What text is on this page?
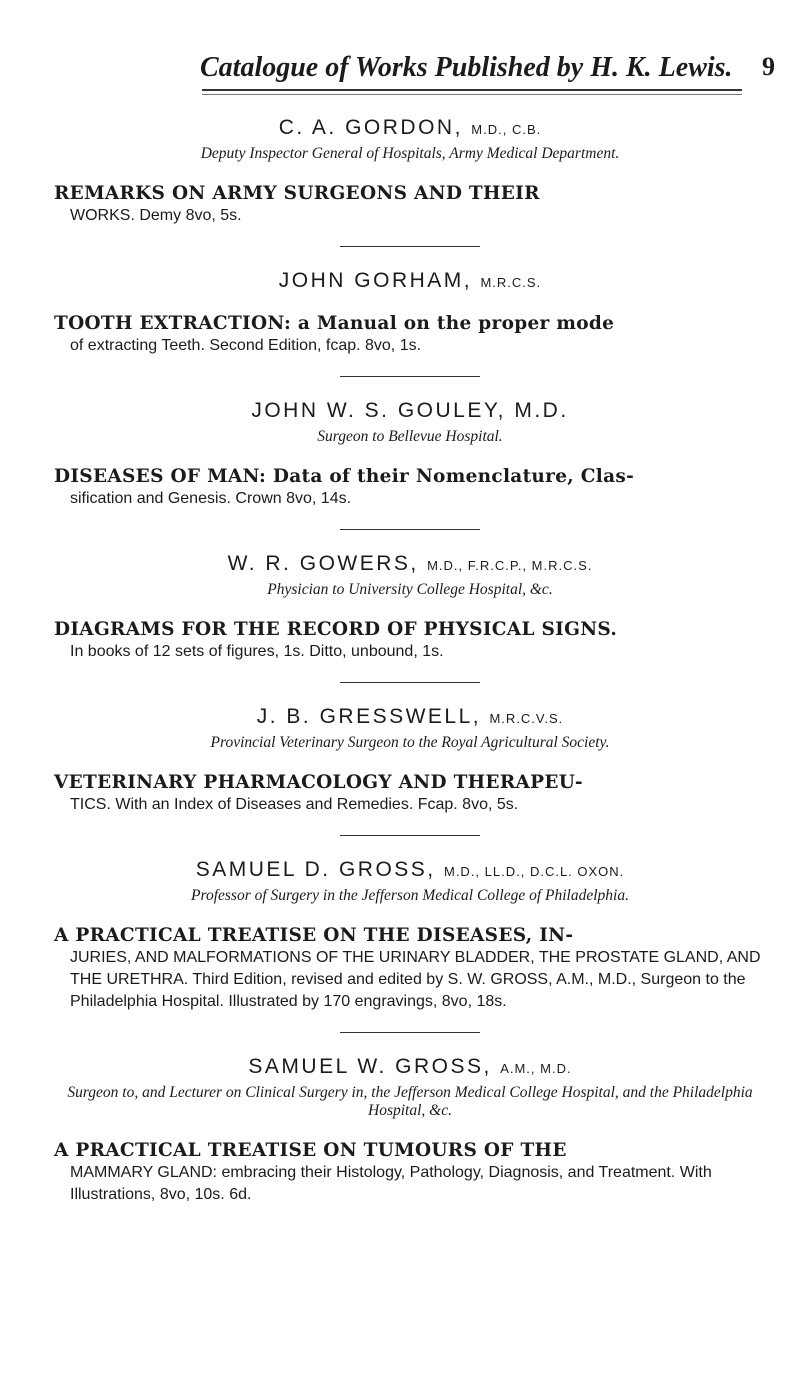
Catalogue of Works Published by H. K. Lewis. 9
C. A. GORDON, M.D., C.B.
Deputy Inspector General of Hospitals, Army Medical Department.
REMARKS ON ARMY SURGEONS AND THEIR
WORKS. Demy 8vo, 5s.
JOHN GORHAM, M.R.C.S.
TOOTH EXTRACTION: a Manual on the proper mode
of extracting Teeth. Second Edition, fcap. 8vo, 1s.
JOHN W. S. GOULEY, M.D.
Surgeon to Bellevue Hospital.
DISEASES OF MAN: Data of their Nomenclature, Clas-
sification and Genesis. Crown 8vo, 14s.
W. R. GOWERS, M.D., F.R.C.P., M.R.C.S.
Physician to University College Hospital, &c.
DIAGRAMS FOR THE RECORD OF PHYSICAL SIGNS.
In books of 12 sets of figures, 1s. Ditto, unbound, 1s.
J. B. GRESSWELL, M.R.C.V.S.
Provincial Veterinary Surgeon to the Royal Agricultural Society.
VETERINARY PHARMACOLOGY AND THERAPEU-
TICS. With an Index of Diseases and Remedies. Fcap. 8vo, 5s.
SAMUEL D. GROSS, M.D., LL.D., D.C.L. OXON.
Professor of Surgery in the Jefferson Medical College of Philadelphia.
A PRACTICAL TREATISE ON THE DISEASES, IN-
JURIES, AND MALFORMATIONS OF THE URINARY BLADDER, THE PROSTATE GLAND, AND THE URETHRA. Third Edition, revised and edited by S. W. GROSS, A.M., M.D., Surgeon to the Philadelphia Hospital. Illustrated by 170 engravings, 8vo, 18s.
SAMUEL W. GROSS, A.M., M.D.
Surgeon to, and Lecturer on Clinical Surgery in, the Jefferson Medical College Hospital, and the Philadelphia Hospital, &c.
A PRACTICAL TREATISE ON TUMOURS OF THE
MAMMARY GLAND: embracing their Histology, Pathology, Diagnosis, and Treatment. With Illustrations, 8vo, 10s. 6d.
